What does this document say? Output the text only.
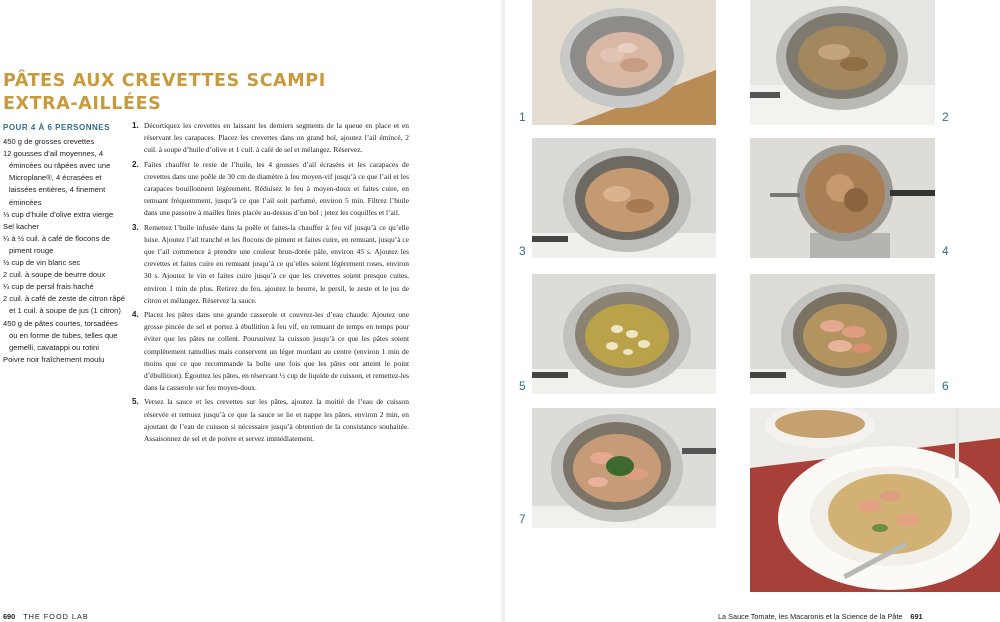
PÂTES AUX CREVETTES SCAMPI EXTRA-AILLÉES
POUR 4 À 6 PERSONNES

450 g de grosses crevettes

12 gousses d’ail moyennes, 4 émincées ou râpées avec une Microplane®, 4 écrasées et laissées entières, 4 finement émincées

⅓ cup d’huile d’olive extra vierge

Sel kacher

¼ à ½ cuil. à café de flocons de piment rouge

½ cup de vin blanc sec

2 cuil. à soupe de beurre doux

¼ cup de persil frais haché

2 cuil. à café de zeste de citron râpé et 1 cuil. à soupe de jus (1 citron)

450 g de pâtes courtes, torsadées ou en forme de tubes, telles que gemelli, cavatappi ou rotini

Poivre noir fraîchement moulu

1. Décortiquez les crevettes en laissant les derniers segments de la queue en place et en réservant les carapaces. Placez les crevettes dans un grand bol, ajoutez l’ail émincé, 2 cuil. à soupe d’huile d’olive et 1 cuil. à café de sel et mélangez. Réservez.

2. Faites chauffer le reste de l’huile, les 4 gousses d’ail écrasées et les carapaces de crevettes dans une poêle de 30 cm de diamètre à feu moyen-vif jusqu’à ce que l’ail et les carapaces bouillonnent légèrement. Réduisez le feu à moyen-doux et faites cuire, en remuant fréquemment, jusqu’à ce que l’ail soit parfumé, environ 5 min. Filtrez l’huile dans une passoire à mailles fines placée au-dessus d’un bol ; jetez les coquilles et l’ail.

3. Remettez l’huile infusée dans la poêle et faites-la chauffer à feu vif jusqu’à ce qu’elle luise. Ajoutez l’ail tranché et les flocons de piment et faites cuire, en remuant, jusqu’à ce que l’ail commence à prendre une couleur brun-dorée pâle, environ 45 s. Ajoutez les crevettes et faites cuire en remuant jusqu’à ce qu’elles soient légèrement roses, environ 30 s. Ajoutez le vin et faites cuire jusqu’à ce que les crevettes soient presque cuites, environ 1 min de plus. Retirez du feu, ajoutez le beurre, le persil, le zeste et le jus de citron et mélangez. Réservez la sauce.

4. Placez les pâtes dans une grande casserole et couvrez-les d’eau chaude. Ajoutez une grosse pincée de sel et portez à ébullition à feu vif, en remuant de temps en temps pour éviter que les pâtes ne collent. Poursuivez la cuisson jusqu’à ce que les pâtes soient complètement ramollies mais conservent un léger mordant au centre (environ 1 min de moins que ce que recommande la boîte une fois que les pâtes ont atteint le point d’ébullition). Égouttez les pâtes, en réservant ½ cup de liquide de cuisson, et remettez-les dans la casserole sur feu moyen-doux.

5. Versez la sauce et les crevettes sur les pâtes, ajoutez la moitié de l’eau de cuisson réservée et remuez jusqu’à ce que la sauce se lie et nappe les pâtes, environ 2 min, en ajoutant de l’eau de cuisson si nécessaire jusqu’à obtention de la consistance souhaitée. Assaisonnez de sel et de poivre et servez immédiatement.

690 THE FOOD LAB
1	2
3	4
5	6
7
La Sauce Tomate, les Macaronis et la Science de la Pâte 691
